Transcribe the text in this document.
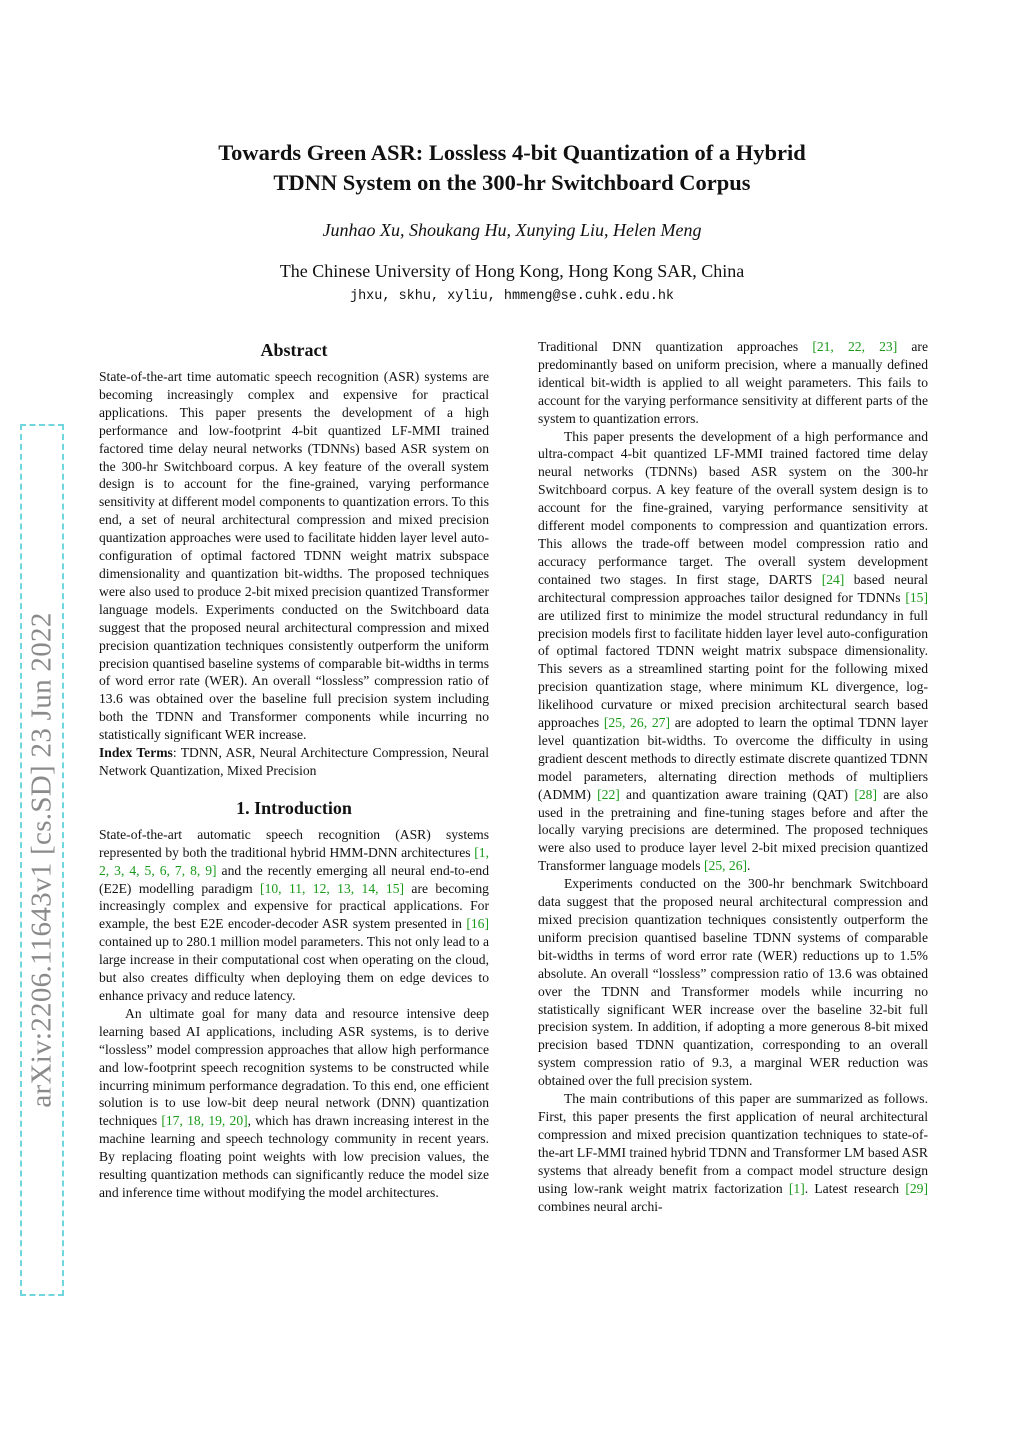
Towards Green ASR: Lossless 4-bit Quantization of a Hybrid
TDNN System on the 300-hr Switchboard Corpus
Junhao Xu, Shoukang Hu, Xunying Liu, Helen Meng
The Chinese University of Hong Kong, Hong Kong SAR, China
jhxu, skhu, xyliu, hmmeng@se.cuhk.edu.hk
arXiv:2206.11643v1 [cs.SD] 23 Jun 2022
Abstract

State-of-the-art time automatic speech recognition (ASR) systems are becoming increasingly complex and expensive for practical applications. This paper presents the development of a high performance and low-footprint 4-bit quantized LF-MMI trained factored time delay neural networks (TDNNs) based ASR system on the 300-hr Switchboard corpus. A key feature of the overall system design is to account for the fine-grained, varying performance sensitivity at different model components to quantization errors. To this end, a set of neural architectural compression and mixed precision quantization approaches were used to facilitate hidden layer level auto-configuration of optimal factored TDNN weight matrix subspace dimensionality and quantization bit-widths. The proposed techniques were also used to produce 2-bit mixed precision quantized Transformer language models. Experiments conducted on the Switchboard data suggest that the proposed neural architectural compression and mixed precision quantization techniques consistently outperform the uniform precision quantised baseline systems of comparable bit-widths in terms of word error rate (WER). An overall “lossless” compression ratio of 13.6 was obtained over the baseline full precision system including both the TDNN and Transformer components while incurring no statistically significant WER increase.

Index Terms: TDNN, ASR, Neural Architecture Compression, Neural Network Quantization, Mixed Precision

1. Introduction

State-of-the-art automatic speech recognition (ASR) systems represented by both the traditional hybrid HMM-DNN architectures [1, 2, 3, 4, 5, 6, 7, 8, 9] and the recently emerging all neural end-to-end (E2E) modelling paradigm [10, 11, 12, 13, 14, 15] are becoming increasingly complex and expensive for practical applications. For example, the best E2E encoder-decoder ASR system presented in [16] contained up to 280.1 million model parameters. This not only lead to a large increase in their computational cost when operating on the cloud, but also creates difficulty when deploying them on edge devices to enhance privacy and reduce latency.

An ultimate goal for many data and resource intensive deep learning based AI applications, including ASR systems, is to derive “lossless” model compression approaches that allow high performance and low-footprint speech recognition systems to be constructed while incurring minimum performance degradation. To this end, one efficient solution is to use low-bit deep neural network (DNN) quantization techniques [17, 18, 19, 20], which has drawn increasing interest in the machine learning and speech technology community in recent years. By replacing floating point weights with low precision values, the resulting quantization methods can significantly reduce the model size and inference time without modifying the model architectures.

Traditional DNN quantization approaches [21, 22, 23] are predominantly based on uniform precision, where a manually defined identical bit-width is applied to all weight parameters. This fails to account for the varying performance sensitivity at different parts of the system to quantization errors.

This paper presents the development of a high performance and ultra-compact 4-bit quantized LF-MMI trained factored time delay neural networks (TDNNs) based ASR system on the 300-hr Switchboard corpus. A key feature of the overall system design is to account for the fine-grained, varying performance sensitivity at different model components to compression and quantization errors. This allows the trade-off between model compression ratio and accuracy performance target. The overall system development contained two stages. In first stage, DARTS [24] based neural architectural compression approaches tailor designed for TDNNs [15] are utilized first to minimize the model structural redundancy in full precision models first to facilitate hidden layer level auto-configuration of optimal factored TDNN weight matrix subspace dimensionality. This severs as a streamlined starting point for the following mixed precision quantization stage, where minimum KL divergence, log-likelihood curvature or mixed precision architectural search based approaches [25, 26, 27] are adopted to learn the optimal TDNN layer level quantization bit-widths. To overcome the difficulty in using gradient descent methods to directly estimate discrete quantized TDNN model parameters, alternating direction methods of multipliers (ADMM) [22] and quantization aware training (QAT) [28] are also used in the pretraining and fine-tuning stages before and after the locally varying precisions are determined. The proposed techniques were also used to produce layer level 2-bit mixed precision quantized Transformer language models [25, 26].

Experiments conducted on the 300-hr benchmark Switchboard data suggest that the proposed neural architectural compression and mixed precision quantization techniques consistently outperform the uniform precision quantised baseline TDNN systems of comparable bit-widths in terms of word error rate (WER) reductions up to 1.5% absolute. An overall “lossless” compression ratio of 13.6 was obtained over the TDNN and Transformer models while incurring no statistically significant WER increase over the baseline 32-bit full precision system. In addition, if adopting a more generous 8-bit mixed precision based TDNN quantization, corresponding to an overall system compression ratio of 9.3, a marginal WER reduction was obtained over the full precision system.

The main contributions of this paper are summarized as follows. First, this paper presents the first application of neural architectural compression and mixed precision quantization techniques to state-of-the-art LF-MMI trained hybrid TDNN and Transformer LM based ASR systems that already benefit from a compact model structure design using low-rank weight matrix factorization [1]. Latest research [29] combines neural archi-
